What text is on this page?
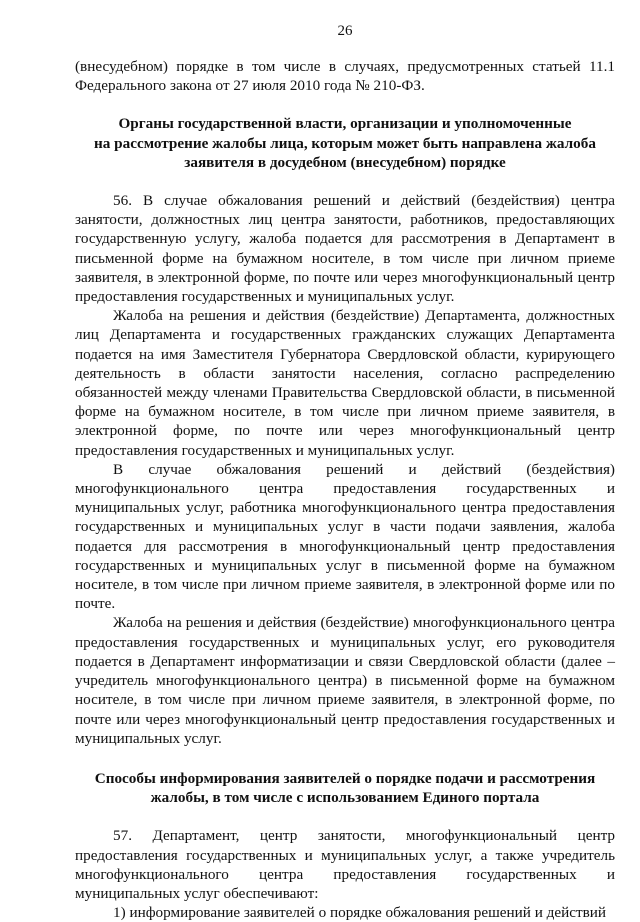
26

(внесудебном) порядке в том числе в случаях, предусмотренных статьей 11.1 Федерального закона от 27 июля 2010 года № 210-ФЗ.

Органы государственной власти, организации и уполномоченные

на рассмотрение жалобы лица, которым может быть направлена жалоба

заявителя в досудебном (внесудебном) порядке

56. В случае обжалования решений и действий (бездействия) центра занятости, должностных лиц центра занятости, работников, предоставляющих государственную услугу, жалоба подается для рассмотрения в Департамент в письменной форме на бумажном носителе, в том числе при личном приеме заявителя, в электронной форме, по почте или через многофункциональный центр предоставления государственных и муниципальных услуг.

Жалоба на решения и действия (бездействие) Департамента, должностных лиц Департамента и государственных гражданских служащих Департамента подается на имя Заместителя Губернатора Свердловской области, курирующего деятельность в области занятости населения, согласно распределению обязанностей между членами Правительства Свердловской области, в письменной форме на бумажном носителе, в том числе при личном приеме заявителя, в электронной форме, по почте или через многофункциональный центр предоставления государственных и муниципальных услуг.

В случае обжалования решений и действий (бездействия) многофункционального центра предоставления государственных и муниципальных услуг, работника многофункционального центра предоставления государственных и муниципальных услуг в части подачи заявления, жалоба подается для рассмотрения в многофункциональный центр предоставления государственных и муниципальных услуг в письменной форме на бумажном носителе, в том числе при личном приеме заявителя, в электронной форме или по почте.

Жалоба на решения и действия (бездействие) многофункционального центра предоставления государственных и муниципальных услуг, его руководителя подается в Департамент информатизации и связи Свердловской области (далее – учредитель многофункционального центра) в письменной форме на бумажном носителе, в том числе при личном приеме заявителя, в электронной форме, по почте или через многофункциональный центр предоставления государственных и муниципальных услуг.

Способы информирования заявителей о порядке подачи и рассмотрения

жалобы, в том числе с использованием Единого портала

57. Департамент, центр занятости, многофункциональный центр предоставления государственных и муниципальных услуг, а также учредитель многофункционального центра предоставления государственных и муниципальных услуг обеспечивают:

1) информирование заявителей о порядке обжалования решений и действий
